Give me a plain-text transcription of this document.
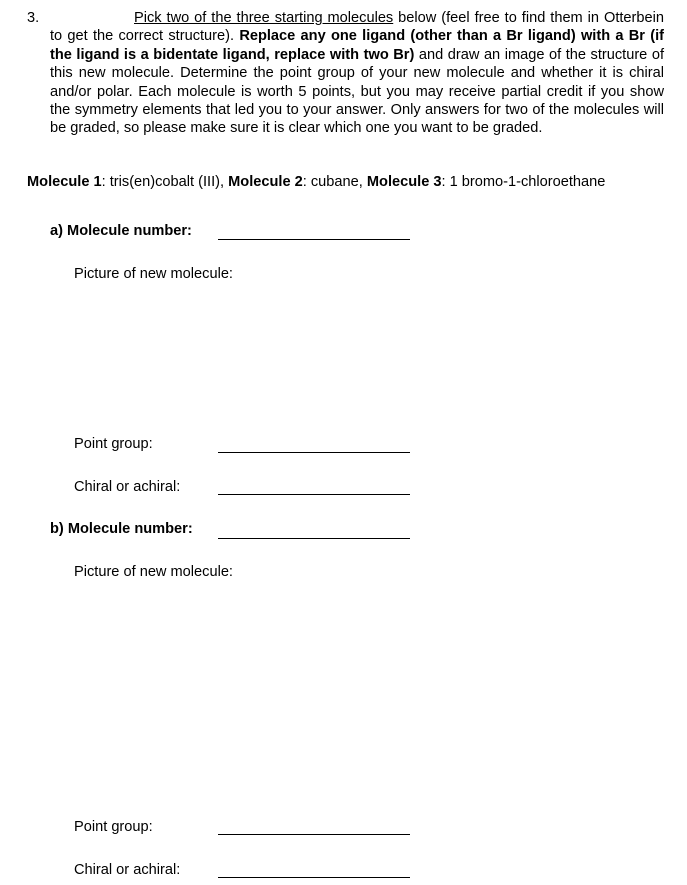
3.	Pick two of the three starting molecules below (feel free to find them in Otterbein to get the correct structure). Replace any one ligand (other than a Br ligand) with a Br (if the ligand is a bidentate ligand, replace with two Br) and draw an image of the structure of this new molecule. Determine the point group of your new molecule and whether it is chiral and/or polar. Each molecule is worth 5 points, but you may receive partial credit if you show the symmetry elements that led you to your answer. Only answers for two of the molecules will be graded, so please make sure it is clear which one you want to be graded.
Molecule 1: tris(en)cobalt (III), Molecule 2: cubane, Molecule 3: 1 bromo-1-chloroethane
a) Molecule number:
Picture of new molecule:
Point group:
Chiral or achiral:
b) Molecule number:
Picture of new molecule:
Point group:
Chiral or achiral:
